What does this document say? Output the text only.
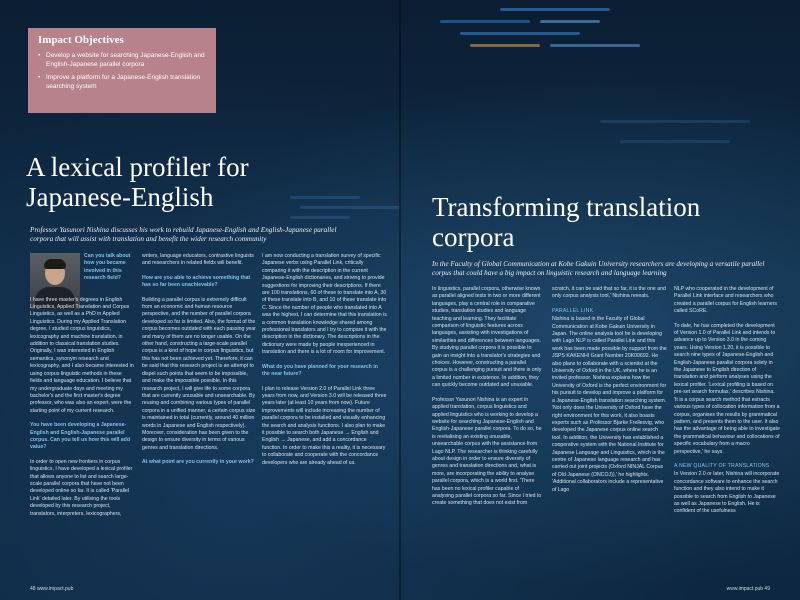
Impact Objectives
• Develop a website for searching Japanese-English and English-Japanese parallel corpora
• Improve a platform for a Japanese-English translation searching system
A lexical profiler for Japanese-English
Professor Yasunori Nishina discusses his work to rebuild Japanese-English and English-Japanese parallel corpora that will assist with translation and benefit the wider research community

Can you talk about how you became involved in this research field?

I have three master's degrees in English Linguistics, Applied Translation and Corpus Linguistics, as well as a PhD in Applied Linguistics. During my Applied Translation degree, I studied corpus linguistics, lexicography and machine translation, in addition to classical translation studies. Originally, I was interested in English semantics, synonym research and lexicography, and I also became interested in using corpus linguistic methods in these fields and language education. I believe that my undergraduate days and meeting my bachelor's and the first master's degree professor, who was also an expert, were the starting point of my current research.

You have been developing a Japanese-English and English-Japanese parallel corpus. Can you tell us how this will add value?

In order to open new frontiers in corpus linguistics, I have developed a lexical profiler that allows anyone to list and search large-scale parallel corpora that have not been developed online so far. It is called 'Parallel Link' detailed later. By utilising the tools developed by this research project, translators, interpreters, lexicographers,

writers, language educators, contrastive linguists and researchers in related fields will benefit.

How are you able to achieve something that has so far been unachievable?

Building a parallel corpus is extremely difficult from an economic and human resource perspective, and the number of parallel corpora developed so far is limited. Also, the format of the corpus becomes outdated with each passing year and many of them are no longer usable. On the other hand, constructing a large-scale parallel corpus is a kind of hope in corpus linguistics, but this has not been achieved yet. Therefore, it can be said that this research project is an attempt to dispel such points that seem to be impossible, and make the impossible possible. In this research project, I will give life to some corpora that are currently unusable and unsearchable. By reusing and combining various types of parallel corpora in a unified manner, a certain corpus size is maintained in total (currently, around 40 million words in Japanese and English respectively). Moreover, consideration has been given to the design to ensure diversity in terms of various genres and translation directions.

At what point are you currently in your work?

I am now conducting a translation survey of specific Japanese verbs using Parallel Link, critically comparing it with the description in the current Japanese-English dictionaries, and striving to provide suggestions for improving their descriptions. If there are 100 translations, 60 of these to translate into A, 30 of these translate into B, and 10 of these translate into C. Since the number of people who translated into A was the highest, I can determine that this translation is a common translation knowledge shared among professional translators and I try to compare it with the description in the dictionary. The descriptions in the dictionary were made by people inexperienced in translation and there is a lot of room for improvement.

What do you have planned for your research in the near future?

I plan to release Version 2.0 of Parallel Link three years from now, and Version 3.0 will be released three years later (at least 10 years from now). Future improvements will include increasing the number of parallel corpora to be installed and visually enhancing the search and analysis functions. I also plan to make it possible to search both Japanese → English and English → Japanese, and add a concordance function. In order to make this a reality, it is necessary to collaborate and cooperate with the concordance developers who are already ahead of us.

Transforming translation corpora
In the Faculty of Global Communication at Kobe Gakuin University researchers are developing a versatile parallel corpus that could have a big impact on linguistic research and language learning

In linguistics, parallel corpora, otherwise known as parallel aligned texts in two or more different languages, play a central role in comparative studies, translation studies and language teaching and learning. They facilitate comparison of linguistic features across languages, assisting with investigations of similarities and differences between languages. By studying parallel corpora it is possible to gain an insight into a translator's strategies and choices. However, constructing a parallel corpus is a challenging pursuit and there is only a limited number in existence. In addition, they can quickly become outdated and unusable.

Professor Yasunori Nishina is an expert in applied translation, corpus linguistics and applied linguistics who is working to develop a website for searching Japanese-English and English-Japanese parallel corpora. To do so, he is revitalising an existing unusable, unsearchable corpus with the assistance from Lago NLP. The researcher is thinking carefully about design in order to ensure diversity of genres and translation directions and, what is more, are incorporating the ability to analyse parallel corpora, which is a world first. 'There has been no lexical profiler capable of analysing parallel corpora so far. Since I tried to create something that does not exist from

scratch, it can be said that so far, it is the one and only corpus analysis tool,' Nishina reveals.

PARALLEL LINK

Nishina is based in the Faculty of Global Communication at Kobe Gakuin University in Japan. The online analysis tool he is developing with Lago NLP is called Parallel Link and this work has been made possible by support from the JSPS KAKENHI Grant Number 20K00692. He also plans to collaborate with a scientist at the University of Oxford in the UK, where he is an invited professor. Nishina explains how the University of Oxford is the perfect environment for his pursuit to develop and improve a platform for a Japanese-English translation searching system. 'Not only does the University of Oxford have the right environment for this work, it also boasts experts such as Professor Bjarke Frellesvig, who developed the Japanese corpus online search tool. In addition, the University has established a cooperative system with the National Institute for Japanese Language and Linguistics, which is the centre of Japanese language research and has carried out joint projects (Oxford NINJAL Corpus of Old Japanese (ONCOJ)),' he highlights. 'Additional collaborators include a representative of Lago

NLP who cooperated in the development of Parallel Link interface and researchers who created a parallel corpus for English learners called SCoRE.

To date, he has completed the development of Version 1.0 of Parallel Link and intends to advance up to Version 3.0 in the coming years. Using Version 1.20, it is possible to search nine types of Japanese-English and English-Japanese parallel corpora solely in the Japanese to English direction of translation and perform analyses using the lexical profiler. 'Lexical profiling is based on pre-set search formulas,' describes Nishina. 'It is a corpus search method that extracts various types of collocation information from a corpus, organises the results by grammatical pattern, and presents them to the user. It also has the advantage of being able to investigate the grammatical behaviour and collocations of specific vocabulary from a macro perspective,' he says.

A NEW QUALITY OF TRANSLATIONS

In Version 2.0 or later, Nishina will incorporate concordance software to enhance the search function and they also intend to make it possible to search from English to Japanese as well as Japanese to English. He is confident of the usefulness

48 www.impact.pub	www.impact.pub 49
